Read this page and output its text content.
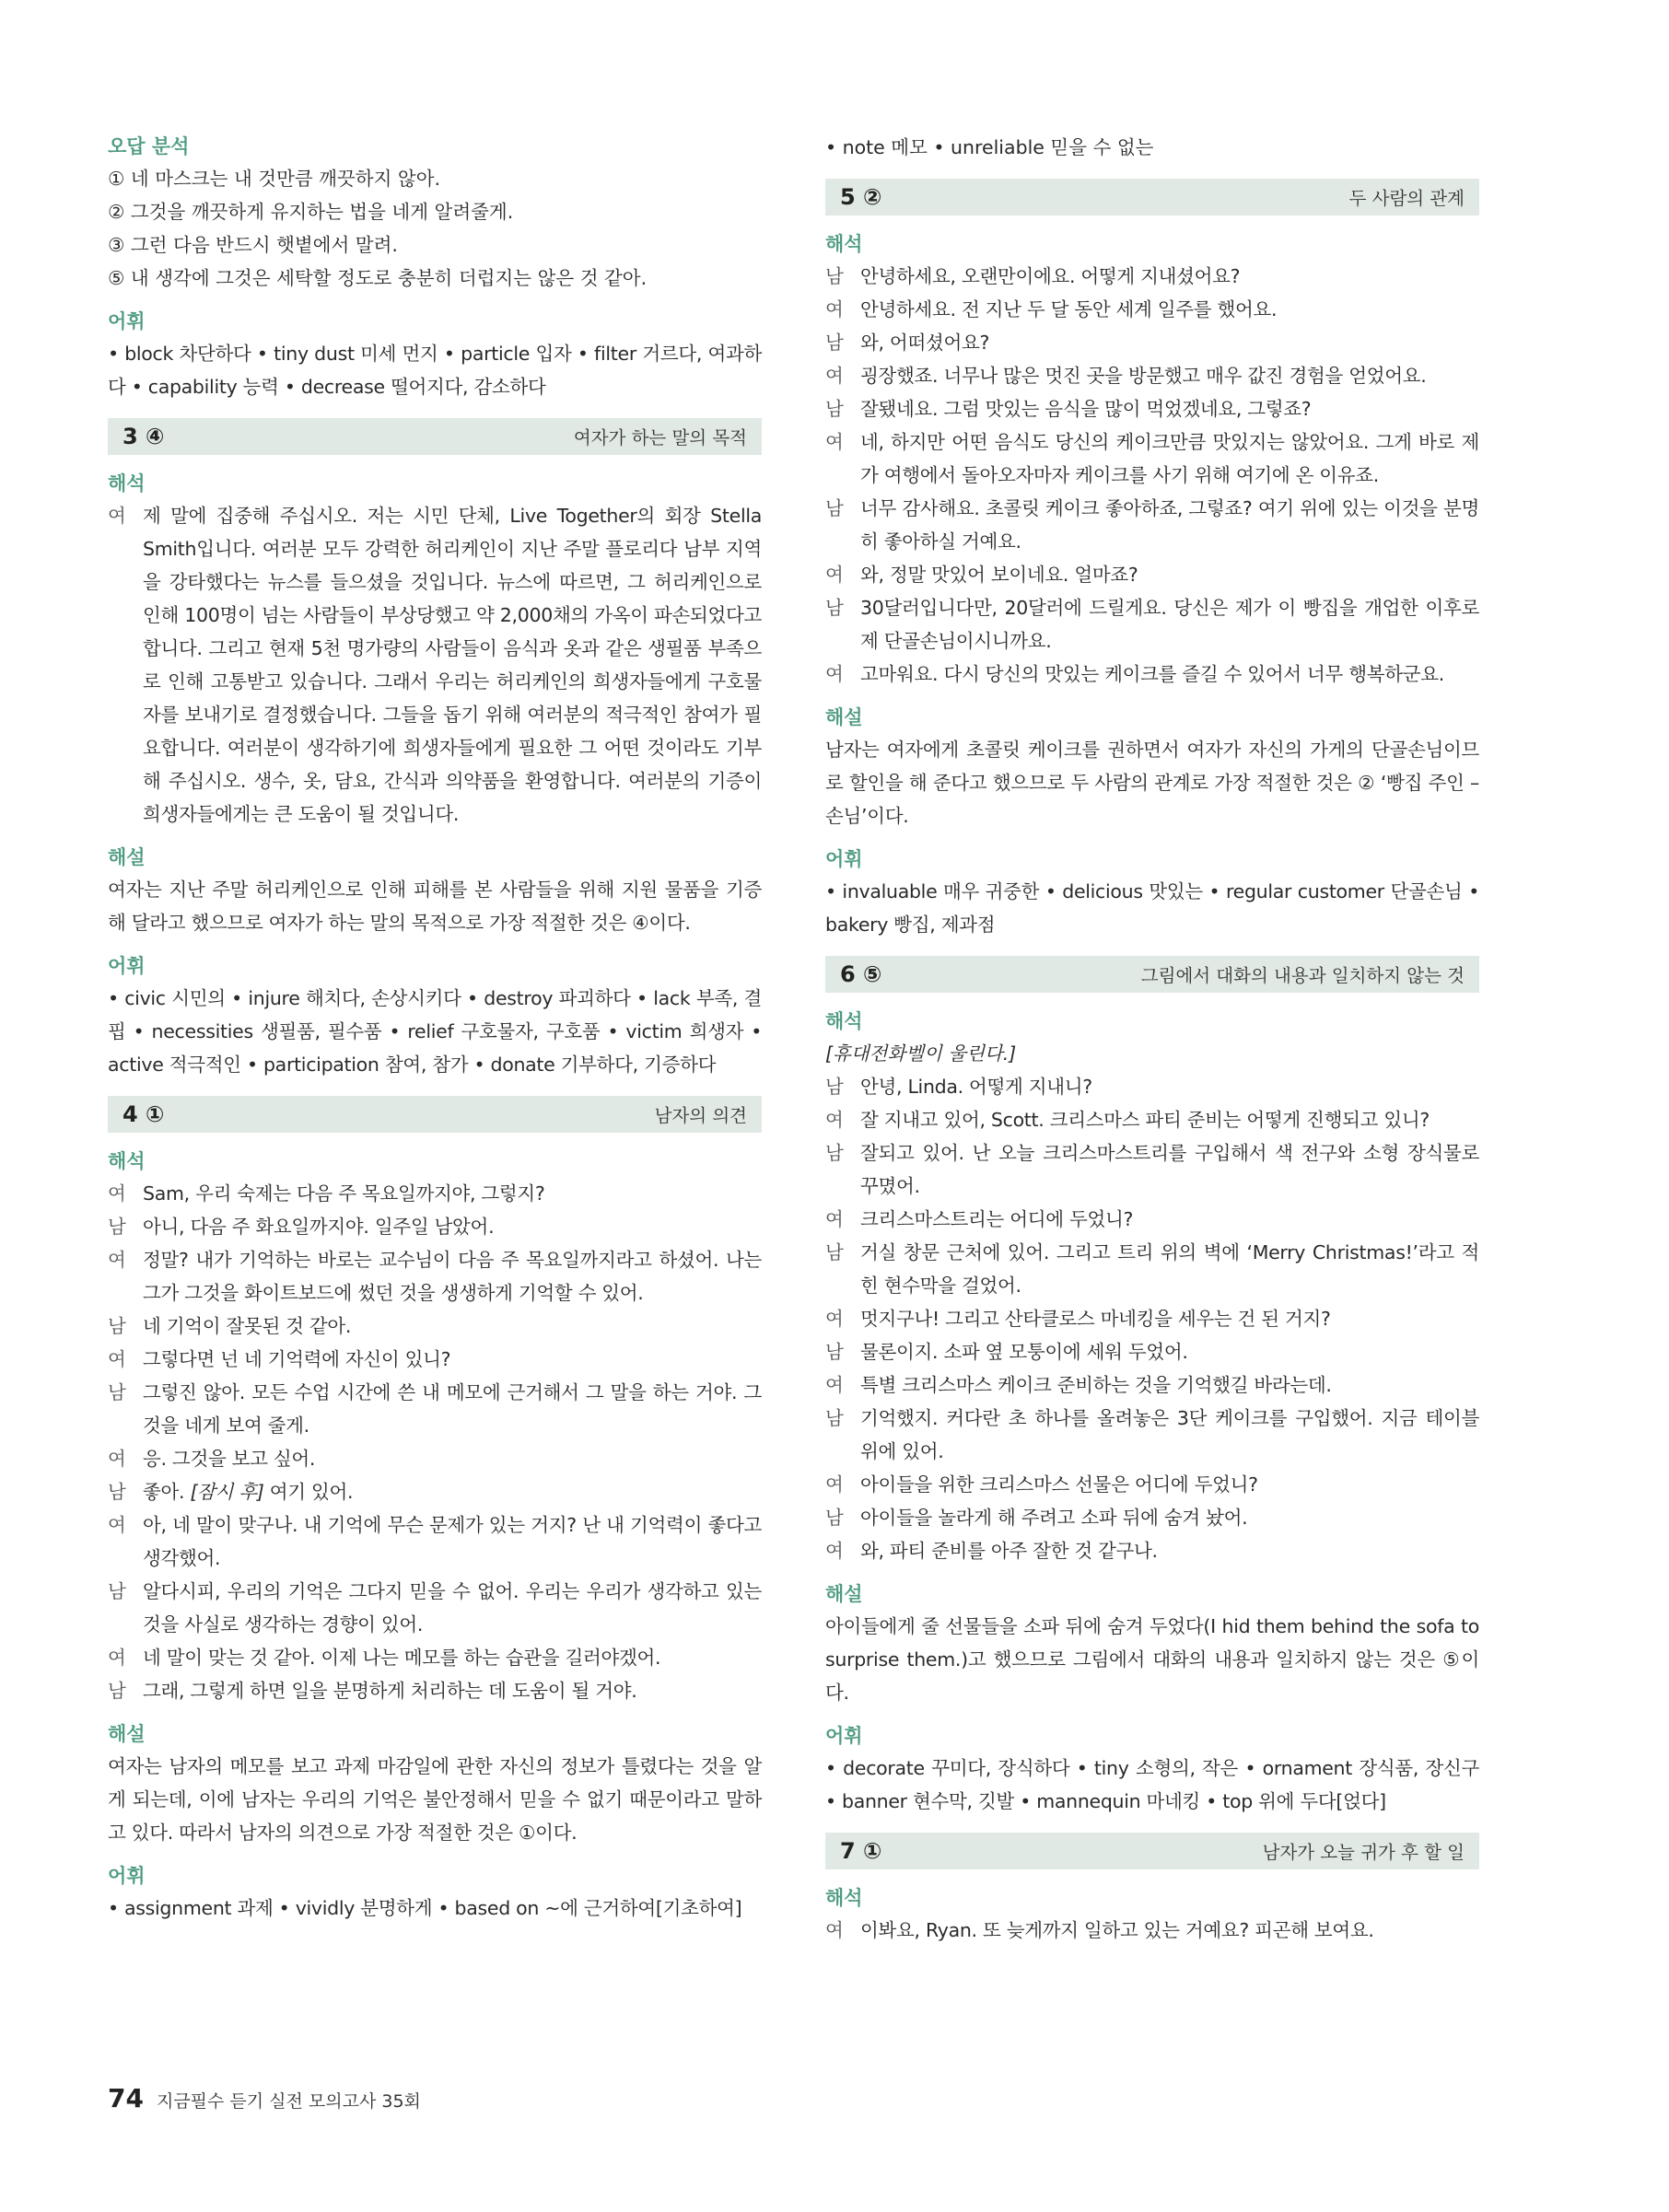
오답 분석
① 네 마스크는 내 것만큼 깨끗하지 않아.
② 그것을 깨끗하게 유지하는 법을 네게 알려줄게.
③ 그런 다음 반드시 햇볕에서 말려.
⑤ 내 생각에 그것은 세탁할 정도로 충분히 더럽지는 않은 것 같아.
어휘
• block 차단하다 • tiny dust 미세 먼지 • particle 입자 • filter 거르다, 여과하다 • capability 능력 • decrease 떨어지다, 감소하다
3 ④	여자가 하는 말의 목적
해석
여 제 말에 집중해 주십시오. 저는 시민 단체, Live Together의 회장 Stella Smith입니다. 여러분 모두 강력한 허리케인이 지난 주말 플로리다 남부 지역을 강타했다는 뉴스를 들으셨을 것입니다. 뉴스에 따르면, 그 허리케인으로 인해 100명이 넘는 사람들이 부상당했고 약 2,000채의 가옥이 파손되었다고 합니다. 그리고 현재 5천 명가량의 사람들이 음식과 옷과 같은 생필품 부족으로 인해 고통받고 있습니다. 그래서 우리는 허리케인의 희생자들에게 구호물자를 보내기로 결정했습니다. 그들을 돕기 위해 여러분의 적극적인 참여가 필요합니다. 여러분이 생각하기에 희생자들에게 필요한 그 어떤 것이라도 기부해 주십시오. 생수, 옷, 담요, 간식과 의약품을 환영합니다. 여러분의 기증이 희생자들에게는 큰 도움이 될 것입니다.
해설
여자는 지난 주말 허리케인으로 인해 피해를 본 사람들을 위해 지원 물품을 기증해 달라고 했으므로 여자가 하는 말의 목적으로 가장 적절한 것은 ④이다.
어휘
• civic 시민의 • injure 해치다, 손상시키다 • destroy 파괴하다 • lack 부족, 결핍 • necessities 생필품, 필수품 • relief 구호물자, 구호품 • victim 희생자 • active 적극적인 • participation 참여, 참가 • donate 기부하다, 기증하다
4 ①	남자의 의견
해석
여 Sam, 우리 숙제는 다음 주 목요일까지야, 그렇지?
남 아니, 다음 주 화요일까지야. 일주일 남았어.
여 정말? 내가 기억하는 바로는 교수님이 다음 주 목요일까지라고 하셨어. 나는 그가 그것을 화이트보드에 썼던 것을 생생하게 기억할 수 있어.
남 네 기억이 잘못된 것 같아.
여 그렇다면 넌 네 기억력에 자신이 있니?
남 그렇진 않아. 모든 수업 시간에 쓴 내 메모에 근거해서 그 말을 하는 거야. 그것을 네게 보여 줄게.
여 응. 그것을 보고 싶어.
남 좋아. [잠시 후] 여기 있어.
여 아, 네 말이 맞구나. 내 기억에 무슨 문제가 있는 거지? 난 내 기억력이 좋다고 생각했어.
남 알다시피, 우리의 기억은 그다지 믿을 수 없어. 우리는 우리가 생각하고 있는 것을 사실로 생각하는 경향이 있어.
여 네 말이 맞는 것 같아. 이제 나는 메모를 하는 습관을 길러야겠어.
남 그래, 그렇게 하면 일을 분명하게 처리하는 데 도움이 될 거야.
해설
여자는 남자의 메모를 보고 과제 마감일에 관한 자신의 정보가 틀렸다는 것을 알게 되는데, 이에 남자는 우리의 기억은 불안정해서 믿을 수 없기 때문이라고 말하고 있다. 따라서 남자의 의견으로 가장 적절한 것은 ①이다.
어휘
• assignment 과제 • vividly 분명하게 • based on ~에 근거하여[기초하여]
• note 메모 • unreliable 믿을 수 없는
5 ②	두 사람의 관계
해석
남 안녕하세요, 오랜만이에요. 어떻게 지내셨어요?
여 안녕하세요. 전 지난 두 달 동안 세계 일주를 했어요.
남 와, 어떠셨어요?
여 굉장했죠. 너무나 많은 멋진 곳을 방문했고 매우 값진 경험을 얻었어요.
남 잘됐네요. 그럼 맛있는 음식을 많이 먹었겠네요, 그렇죠?
여 네, 하지만 어떤 음식도 당신의 케이크만큼 맛있지는 않았어요. 그게 바로 제가 여행에서 돌아오자마자 케이크를 사기 위해 여기에 온 이유죠.
남 너무 감사해요. 초콜릿 케이크 좋아하죠, 그렇죠? 여기 위에 있는 이것을 분명히 좋아하실 거예요.
여 와, 정말 맛있어 보이네요. 얼마죠?
남 30달러입니다만, 20달러에 드릴게요. 당신은 제가 이 빵집을 개업한 이후로 제 단골손님이시니까요.
여 고마워요. 다시 당신의 맛있는 케이크를 즐길 수 있어서 너무 행복하군요.
해설
남자는 여자에게 초콜릿 케이크를 권하면서 여자가 자신의 가게의 단골손님이므로 할인을 해 준다고 했으므로 두 사람의 관계로 가장 적절한 것은 ② ‘빵집 주인 – 손님’이다.
어휘
• invaluable 매우 귀중한 • delicious 맛있는 • regular customer 단골손님 • bakery 빵집, 제과점
6 ⑤	그림에서 대화의 내용과 일치하지 않는 것
해석
[휴대전화벨이 울린다.]
남 안녕, Linda. 어떻게 지내니?
여 잘 지내고 있어, Scott. 크리스마스 파티 준비는 어떻게 진행되고 있니?
남 잘되고 있어. 난 오늘 크리스마스트리를 구입해서 색 전구와 소형 장식물로 꾸몄어.
여 크리스마스트리는 어디에 두었니?
남 거실 창문 근처에 있어. 그리고 트리 위의 벽에 ‘Merry Christmas!’라고 적힌 현수막을 걸었어.
여 멋지구나! 그리고 산타클로스 마네킹을 세우는 건 된 거지?
남 물론이지. 소파 옆 모퉁이에 세워 두었어.
여 특별 크리스마스 케이크 준비하는 것을 기억했길 바라는데.
남 기억했지. 커다란 초 하나를 올려놓은 3단 케이크를 구입했어. 지금 테이블 위에 있어.
여 아이들을 위한 크리스마스 선물은 어디에 두었니?
남 아이들을 놀라게 해 주려고 소파 뒤에 숨겨 놨어.
여 와, 파티 준비를 아주 잘한 것 같구나.
해설
아이들에게 줄 선물들을 소파 뒤에 숨겨 두었다(I hid them behind the sofa to surprise them.)고 했으므로 그림에서 대화의 내용과 일치하지 않는 것은 ⑤이다.
어휘
• decorate 꾸미다, 장식하다 • tiny 소형의, 작은 • ornament 장식품, 장신구 • banner 현수막, 깃발 • mannequin 마네킹 • top 위에 두다[얹다]
7 ①	남자가 오늘 귀가 후 할 일
해석
여 이봐요, Ryan. 또 늦게까지 일하고 있는 거예요? 피곤해 보여요.
74 지금필수 듣기 실전 모의고사 35회
